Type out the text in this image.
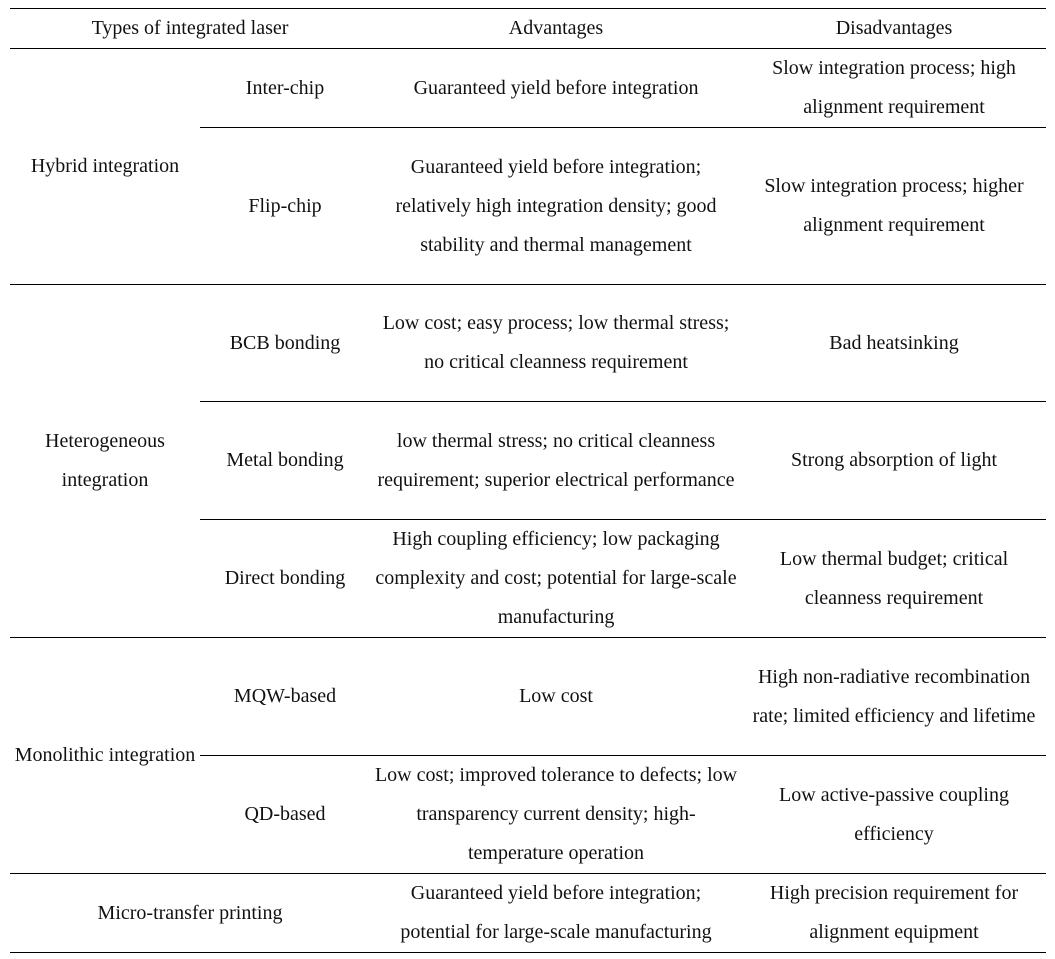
Types of integrated laser		Advantages	Disadvantages
Hybrid integration	Inter-chip	Guaranteed yield before integration	Slow integration process; high alignment requirement
	Flip-chip	Guaranteed yield before integration; relatively high integration density; good stability and thermal management	Slow integration process; higher alignment requirement
Heterogeneous integration	BCB bonding	Low cost; easy process; low thermal stress; no critical cleanness requirement	Bad heatsinking
	Metal bonding	low thermal stress; no critical cleanness requirement; superior electrical performance	Strong absorption of light
	Direct bonding	High coupling efficiency; low packaging complexity and cost; potential for large-scale manufacturing	Low thermal budget; critical cleanness requirement
Monolithic integration	MQW-based	Low cost	High non-radiative recombination rate; limited efficiency and lifetime
	QD-based	Low cost; improved tolerance to defects; low transparency current density; high-temperature operation	Low active-passive coupling efficiency
Micro-transfer printing		Guaranteed yield before integration; potential for large-scale manufacturing	High precision requirement for alignment equipment
